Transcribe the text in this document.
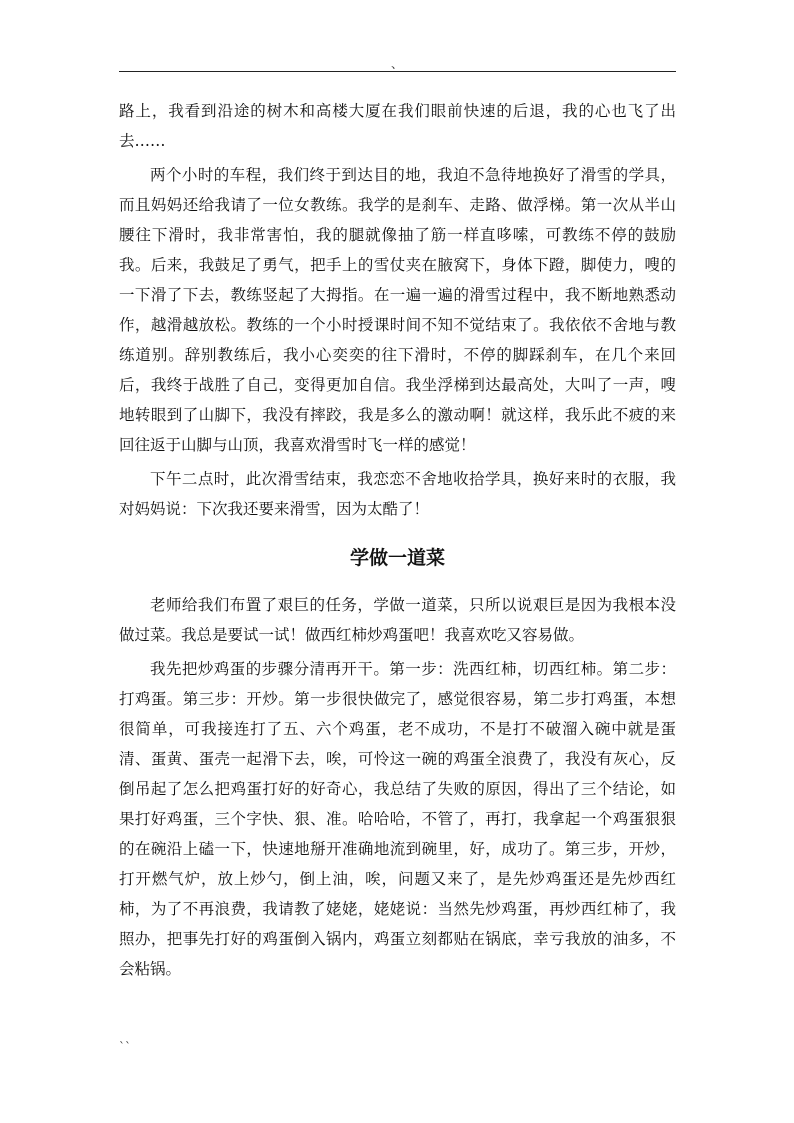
、

路上，我看到沿途的树木和高楼大厦在我们眼前快速的后退，我的心也飞了出去……

两个小时的车程，我们终于到达目的地，我迫不急待地换好了滑雪的学具，而且妈妈还给我请了一位女教练。我学的是刹车、走路、做浮梯。第一次从半山腰往下滑时，我非常害怕，我的腿就像抽了筋一样直哆嗦，可教练不停的鼓励我。后来，我鼓足了勇气，把手上的雪仗夹在腋窝下，身体下蹬，脚使力，嗖的一下滑了下去，教练竖起了大拇指。在一遍一遍的滑雪过程中，我不断地熟悉动作，越滑越放松。教练的一个小时授课时间不知不觉结束了。我依依不舍地与教练道别。辞别教练后，我小心奕奕的往下滑时，不停的脚踩刹车，在几个来回后，我终于战胜了自己，变得更加自信。我坐浮梯到达最高处，大叫了一声，嗖地转眼到了山脚下，我没有摔跤，我是多么的激动啊！就这样，我乐此不疲的来回往返于山脚与山顶，我喜欢滑雪时飞一样的感觉！

下午二点时，此次滑雪结束，我恋恋不舍地收拾学具，换好来时的衣服，我对妈妈说：下次我还要来滑雪，因为太酷了！

学做一道菜

老师给我们布置了艰巨的任务，学做一道菜，只所以说艰巨是因为我根本没做过菜。我总是要试一试！做西红柿炒鸡蛋吧！我喜欢吃又容易做。

我先把炒鸡蛋的步骤分清再开干。第一步：洗西红柿，切西红柿。第二步：打鸡蛋。第三步：开炒。第一步很快做完了，感觉很容易，第二步打鸡蛋，本想很简单，可我接连打了五、六个鸡蛋，老不成功，不是打不破溜入碗中就是蛋清、蛋黄、蛋壳一起滑下去，唉，可怜这一碗的鸡蛋全浪费了，我没有灰心，反倒吊起了怎么把鸡蛋打好的好奇心，我总结了失败的原因，得出了三个结论，如果打好鸡蛋，三个字快、狠、准。哈哈哈，不管了，再打，我拿起一个鸡蛋狠狠的在碗沿上磕一下，快速地掰开准确地流到碗里，好，成功了。第三步，开炒，打开燃气炉，放上炒勺，倒上油，唉，问题又来了，是先炒鸡蛋还是先炒西红柿，为了不再浪费，我请教了姥姥，姥姥说：当然先炒鸡蛋，再炒西红柿了，我照办，把事先打好的鸡蛋倒入锅内，鸡蛋立刻都贴在锅底，幸亏我放的油多，不会粘锅。

``
